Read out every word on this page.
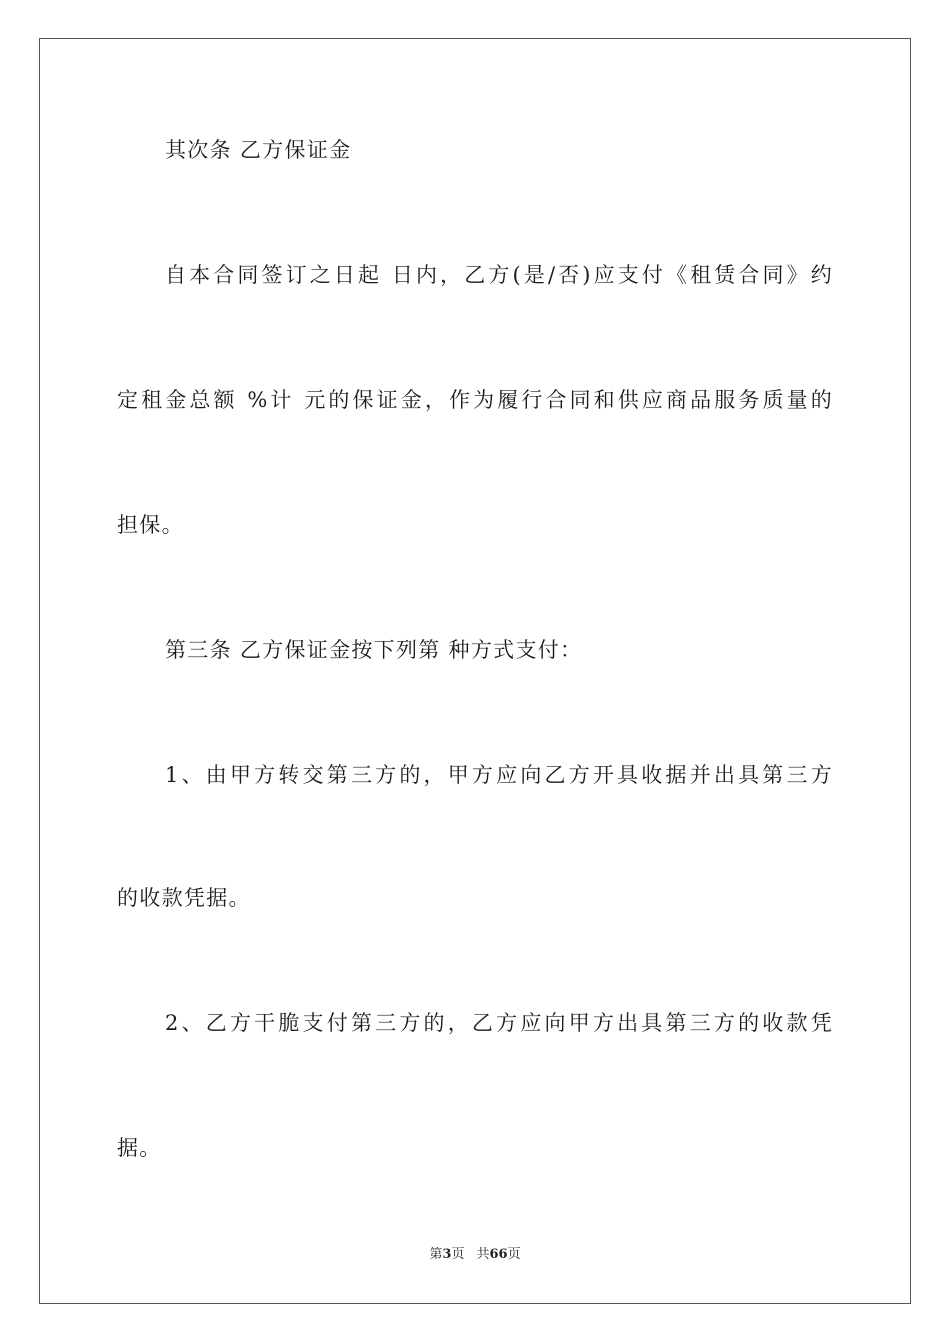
其次条 乙方保证金
自本合同签订之日起 日内，乙方(是/否)应支付《租赁合同》约
定租金总额 %计 元的保证金，作为履行合同和供应商品服务质量的
担保。
第三条 乙方保证金按下列第 种方式支付：
1、由甲方转交第三方的，甲方应向乙方开具收据并出具第三方
的收款凭据。
2、乙方干脆支付第三方的，乙方应向甲方出具第三方的收款凭
据。
第3页 共66页
